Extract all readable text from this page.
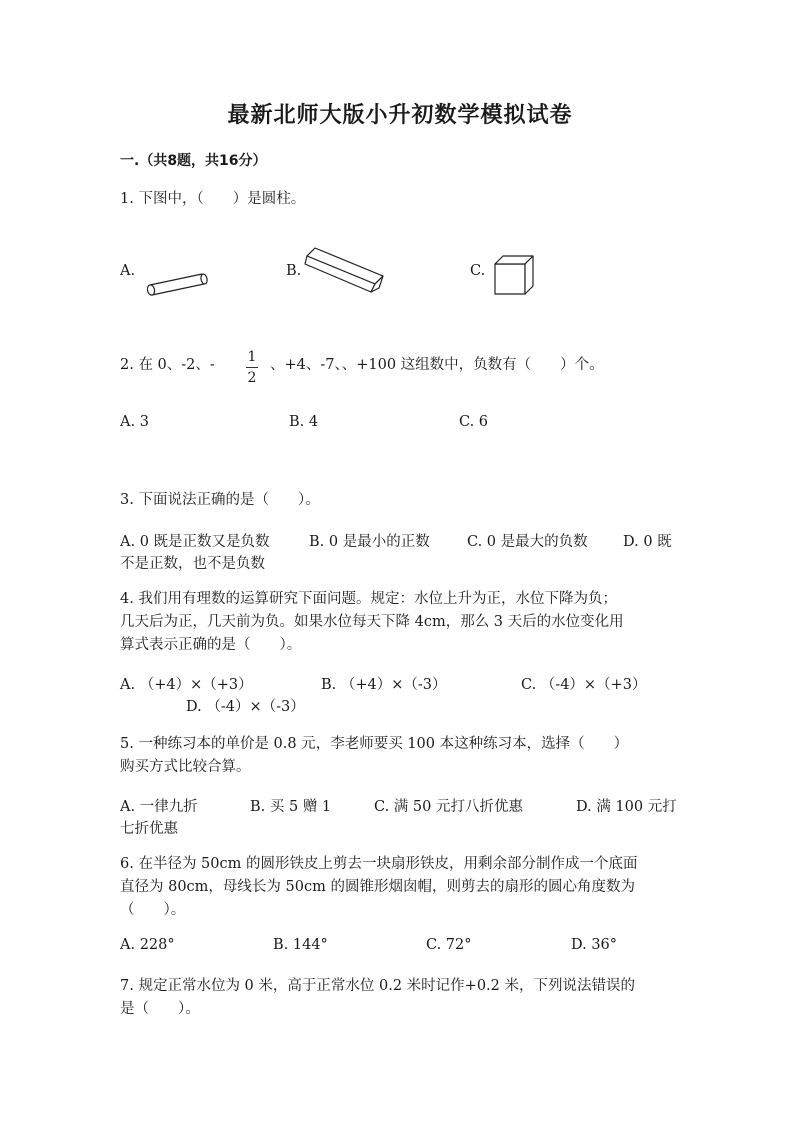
最新北师大版小升初数学模拟试卷
一.（共8题，共16分）
1. 下图中，（　　）是圆柱。
A.	B.	C.
2. 在 0、-2、- 1
2
、+4、-7、、+100 这组数中，负数有（　　）个。
A. 3	B. 4	C. 6
3. 下面说法正确的是（　　）。
A. 0 既是正数又是负数	B. 0 是最小的正数	C. 0 是最大的负数 D. 0 既
不是正数，也不是负数
4. 我们用有理数的运算研究下面问题。规定：水位上升为正，水位下降为负；
几天后为正，几天前为负。如果水位每天下降 4cm，那么 3 天后的水位变化用
算式表示正确的是（　　）。
A. （+4）×（+3）	B. （+4）×（-3）	C. （-4）×（+3）
D. （-4）×（-3）
5. 一种练习本的单价是 0.8 元，李老师要买 100 本这种练习本，选择（　　）
购买方式比较合算。
A. 一律九折	B. 买 5 赠 1	C. 满 50 元打八折优惠	D. 满 100 元打
七折优惠
6. 在半径为 50cm 的圆形铁皮上剪去一块扇形铁皮，用剩余部分制作成一个底面
直径为 80cm，母线长为 50cm 的圆锥形烟囱帽，则剪去的扇形的圆心角度数为
（　　）。
A. 228°	B. 144°	C. 72°	D. 36°
7. 规定正常水位为 0 米，高于正常水位 0.2 米时记作+0.2 米，下列说法错误的
是（　　）。
